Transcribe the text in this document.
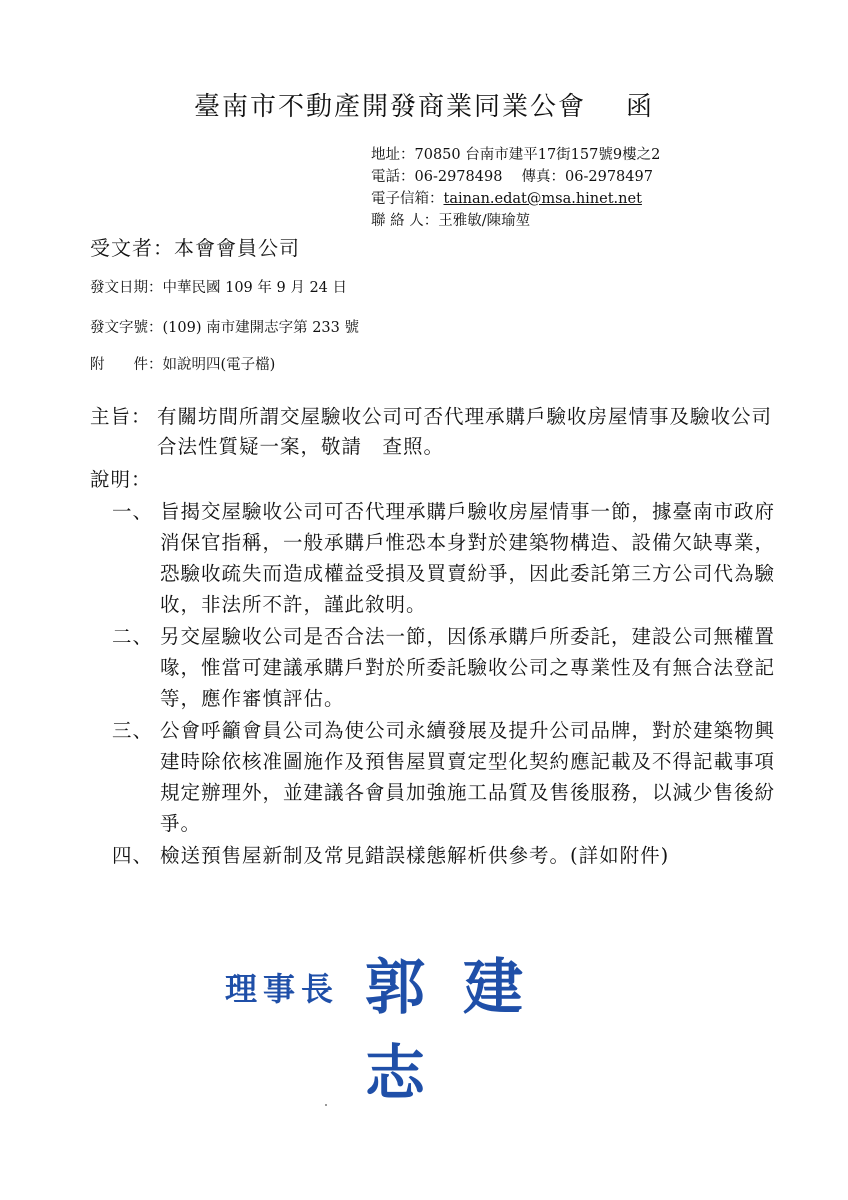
臺南市不動產開發商業同業公會 函
地址：70850 台南市建平17街157號9樓之2
電話：06-2978498　 傳真：06-2978497
電子信箱：tainan.edat@msa.hinet.net
聯 絡 人：王雅敏/陳瑜堃
受文者：本會會員公司
發文日期：中華民國 109 年 9 月 24 日
發文字號：(109) 南市建開志字第 233 號
附　　件：如說明四(電子檔)
主旨： 有關坊間所謂交屋驗收公司可否代理承購戶驗收房屋情事及驗收公司合法性質疑一案，敬請　查照。
說明：
一、 旨揭交屋驗收公司可否代理承購戶驗收房屋情事一節，據臺南市政府消保官指稱，一般承購戶惟恐本身對於建築物構造、設備欠缺專業，恐驗收疏失而造成權益受損及買賣紛爭，因此委託第三方公司代為驗收，非法所不許，謹此敘明。
二、 另交屋驗收公司是否合法一節，因係承購戶所委託，建設公司無權置喙，惟當可建議承購戶對於所委託驗收公司之專業性及有無合法登記等，應作審慎評估。
三、 公會呼籲會員公司為使公司永續發展及提升公司品牌，對於建築物興建時除依核准圖施作及預售屋買賣定型化契約應記載及不得記載事項規定辦理外，並建議各會員加強施工品質及售後服務，以減少售後紛爭。
四、 檢送預售屋新制及常見錯誤樣態解析供參考。(詳如附件)
理事長 郭建志
